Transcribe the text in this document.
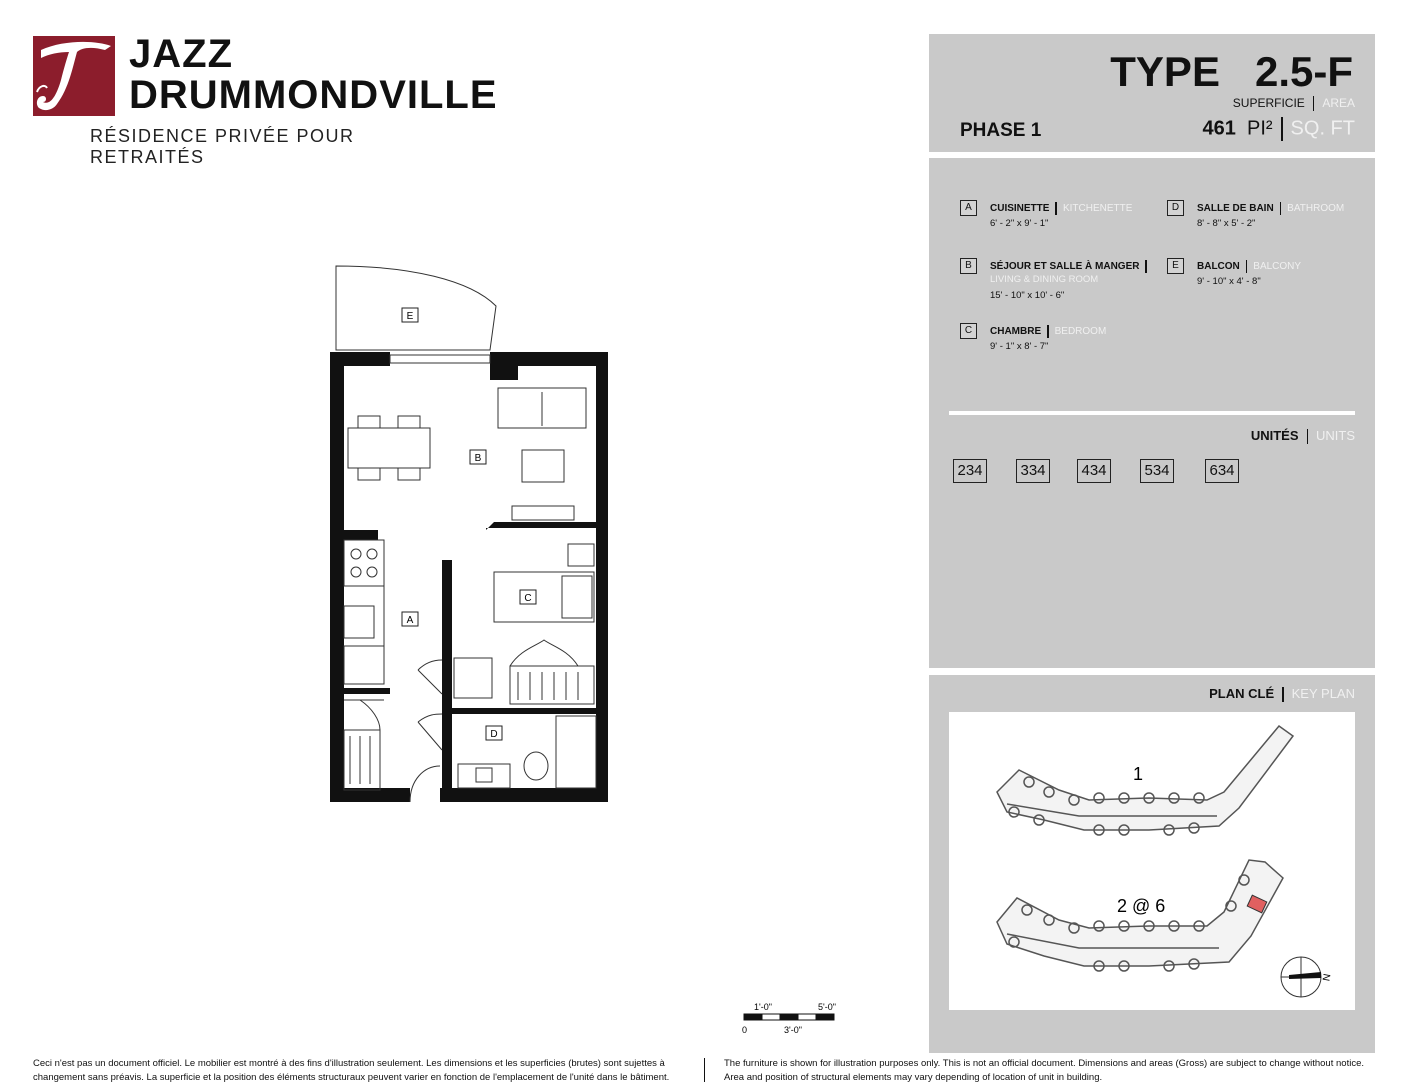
JAZZ
DRUMMONDVILLE
RÉSIDENCE PRIVÉE POUR RETRAITÉS
TYPE   2.5-F
SUPERFICIE AREA
PHASE 1	461 PI² SQ. FT
A	CUISINETTE KITCHENETTE
6' - 2" x 9' - 1"
B	SÉJOUR ET SALLE À MANGER
LIVING & DINING ROOM
15' - 10" x 10' - 6"
C	CHAMBRE BEDROOM
9' - 1" x 8' - 7"
D	SALLE DE BAIN BATHROOM
8' - 8" x 5' - 2"
E	BALCON BALCONY
9' - 10" x 4' - 8"
UNITÉS UNITS
234	334 434	534	634
PLAN CLÉ KEY PLAN
1
2 @ 6
N
E
B
C
A
D
1'-0"	5'-0"
0	3'-0"
Ceci n'est pas un document officiel. Le mobilier est montré à des fins d'illustration seulement. Les dimensions et les superficies (brutes) sont sujettes à changement sans préavis. La superficie et la position des éléments structuraux peuvent varier en fonction de l'emplacement de l'unité dans le bâtiment.
The furniture is shown for illustration purposes only. This is not an official document. Dimensions and areas (Gross) are subject to change without notice. Area and position of structural elements may vary depending of location of unit in building.
